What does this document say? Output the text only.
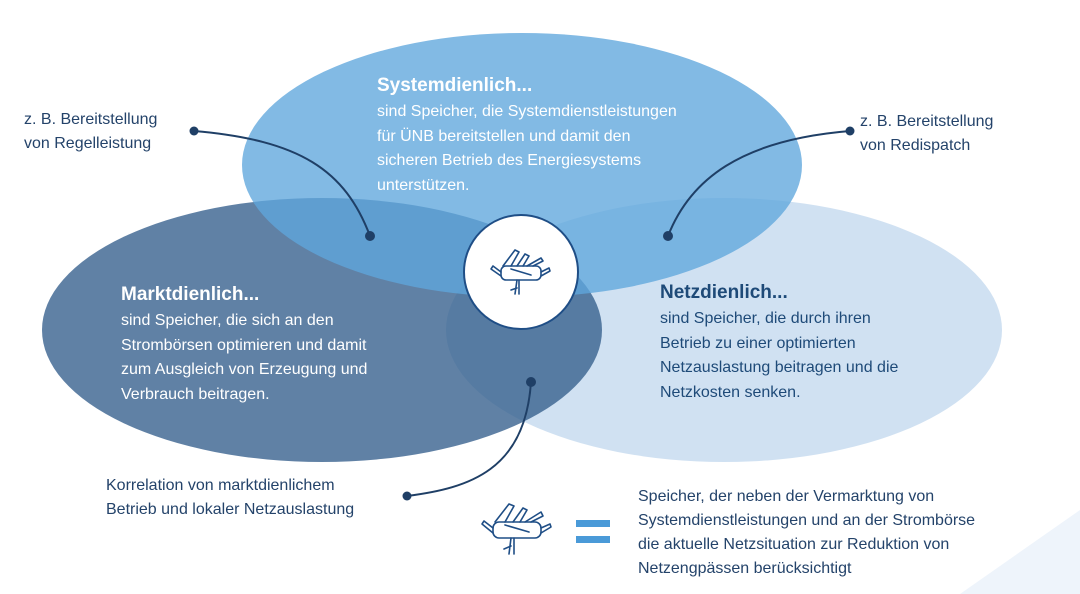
Systemdienlich...
sind Speicher, die Systemdienstleistungen
für ÜNB bereitstellen und damit den
sicheren Betrieb des Energiesystems
unterstützen.
Marktdienlich...
sind Speicher, die sich an den
Strombörsen optimieren und damit
zum Ausgleich von Erzeugung und
Verbrauch beitragen.
Netzdienlich...
sind Speicher, die durch ihren
Betrieb zu einer optimierten
Netzauslastung beitragen und die
Netzkosten senken.
z. B. Bereitstellung
von Regelleistung
z. B. Bereitstellung
von Redispatch
Korrelation von marktdienlichem
Betrieb und lokaler Netzauslastung
Speicher, der neben der Vermarktung von
Systemdienstleistungen und an der Strombörse
die aktuelle Netzsituation zur Reduktion von
Netzengpässen berücksichtigt
